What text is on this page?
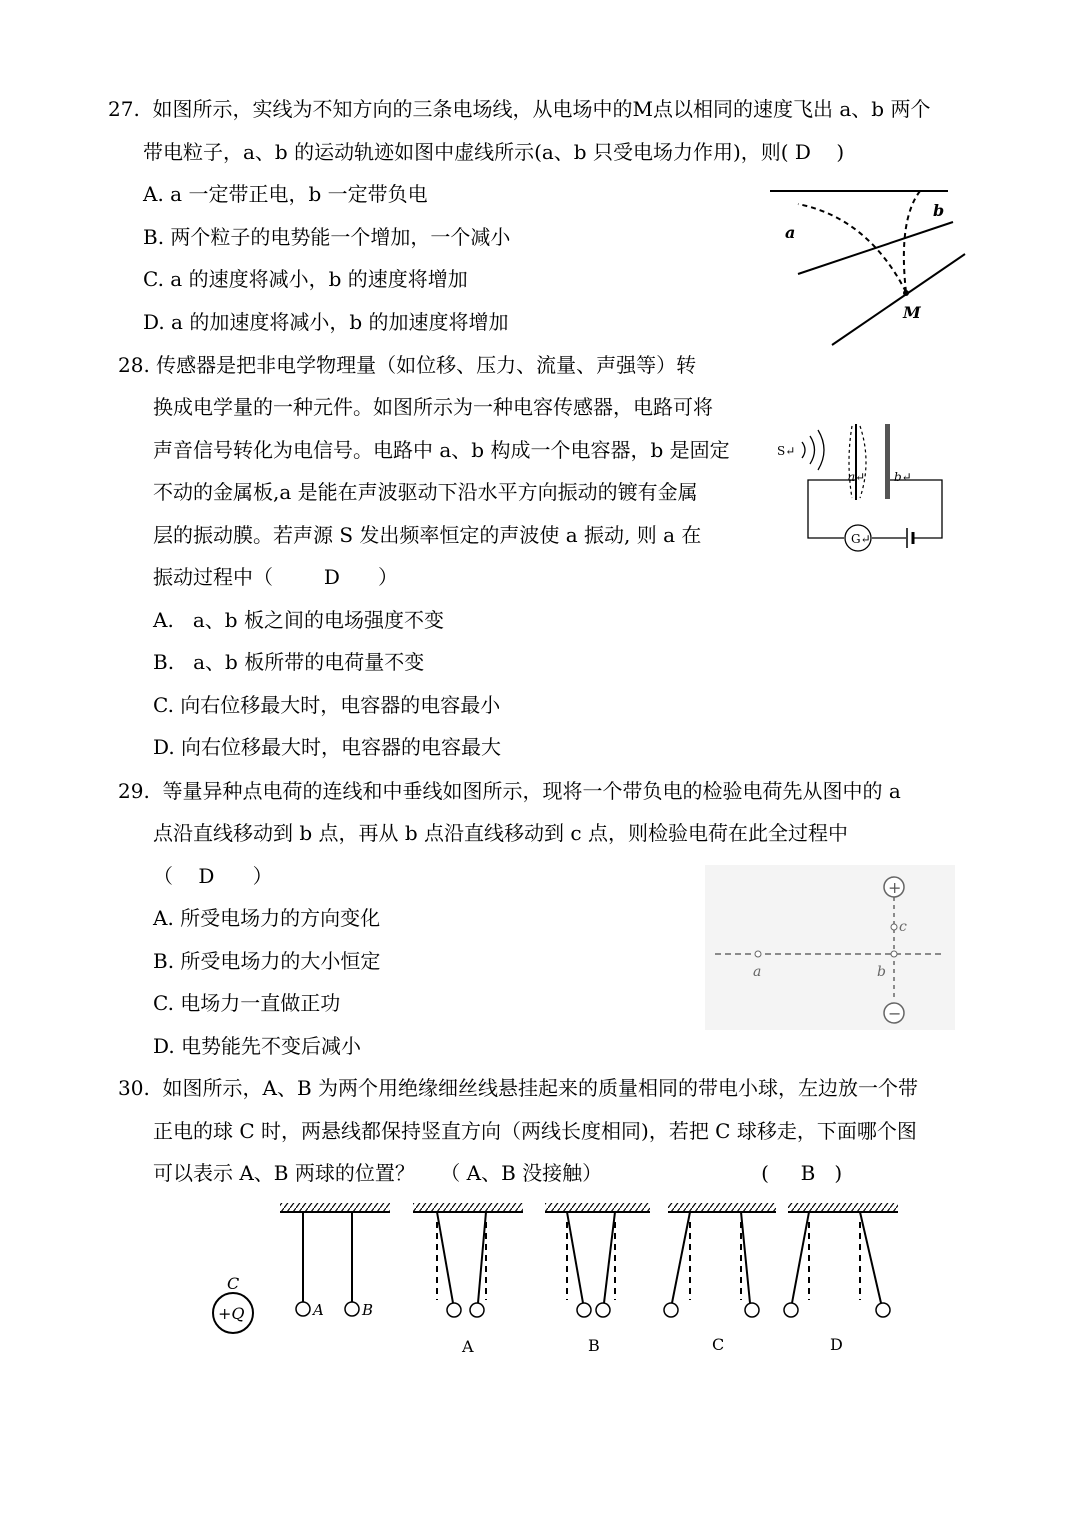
27.  如图所示，实线为不知方向的三条电场线，从电场中的M点以相同的速度飞出 a、b 两个
带电粒子，a、b 的运动轨迹如图中虚线所示(a、b 只受电场力作用)，则( D    )
A. a 一定带正电，b 一定带负电
B. 两个粒子的电势能一个增加，一个减小
C. a 的速度将减小，b 的速度将增加
D. a 的加速度将减小，b 的加速度将增加
a
b
M
28. 传感器是把非电学物理量（如位移、压力、流量、声强等）转
换成电学量的一种元件。如图所示为一种电容传感器，电路可将
声音信号转化为电信号。电路中 a、b 构成一个电容器，b 是固定
不动的金属板,a 是能在声波驱动下沿水平方向振动的镀有金属
层的振动膜。若声源 S 发出频率恒定的声波使 a 振动, 则 a 在
振动过程中（        D      ）
A.   a、b 板之间的电场强度不变
B.   a、b 板所带的电荷量不变
C. 向右位移最大时，电容器的电容最小
D. 向右位移最大时，电容器的电容最大
S↵
a↵ b↵
G↵
29.  等量异种点电荷的连线和中垂线如图所示，现将一个带负电的检验电荷先从图中的 a
点沿直线移动到 b 点，再从 b 点沿直线移动到 c 点，则检验电荷在此全过程中
（    D      ）
A. 所受电场力的方向变化
B. 所受电场力的大小恒定
C. 电场力一直做正功
D. 电势能先不变后减小
+
−
a	b
c
30.  如图所示，A、B 为两个用绝缘细丝线悬挂起来的质量相同的带电小球，左边放一个带
正电的球 C 时，两悬线都保持竖直方向（两线长度相同)，若把 C 球移走，下面哪个图
可以表示 A、B 两球的位置？    （ A、B 没接触）                         (     B   )
C
+Q	A	B
A	B	C	D
